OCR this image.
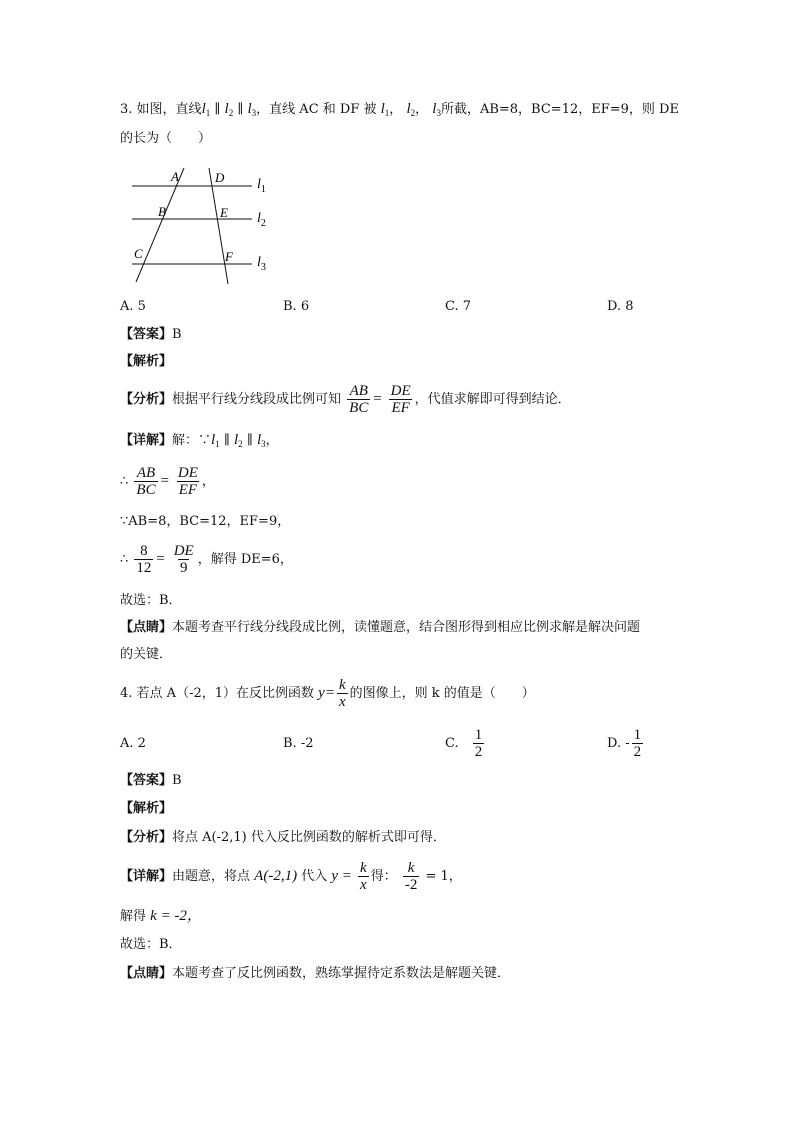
3. 如图，直线$l_1$ ∥ $l_2$ ∥ $l_3$，直线 AC 和 DF 被 $l_1$， $l_2$， $l_3$所截，AB=8，BC=12，EF=9，则 DE
的长为（　　）
A	D
B	E
C	F
$l_1$
$l_2$
$l_3$
A. 5	B. 6	C. 7	D. 8
【答案】B
【解析】
【分析】根据平行线分线段成比例可知 $\frac{AB}{BC} = \frac{DE}{EF}$ ，代值求解即可得到结论．
【详解】解：$\because l_1$ ∥ $l_2$ ∥ $l_3$，
∴ $\frac{AB}{BC} = \frac{DE}{EF}$ ，
∵AB=8，BC=12，EF=9，
∴ $\frac{8}{12} = \frac{DE}{9}$ ，解得 DE=6，
故选：B．
【点睛】本题考查平行线分线段成比例，读懂题意，结合图形得到相应比例求解是解决问题
的关键．
4. 若点 A（-2，1）在反比例函数 $y= \frac{k}{x}$ 的图像上，则 k 的值是（　　）
A. 2	B. -2	C. $\frac{1}{2}$	D. - $\frac{1}{2}$
【答案】B
【解析】
【分析】将点 A(-2,1) 代入反比例函数的解析式即可得．
【详解】由题意，将点 A(-2,1) 代入 $y = \frac{k}{x}$ 得： $\frac{k}{-2} = 1$，
解得 k = -2，
故选：B．
【点睛】本题考查了反比例函数，熟练掌握待定系数法是解题关键．
